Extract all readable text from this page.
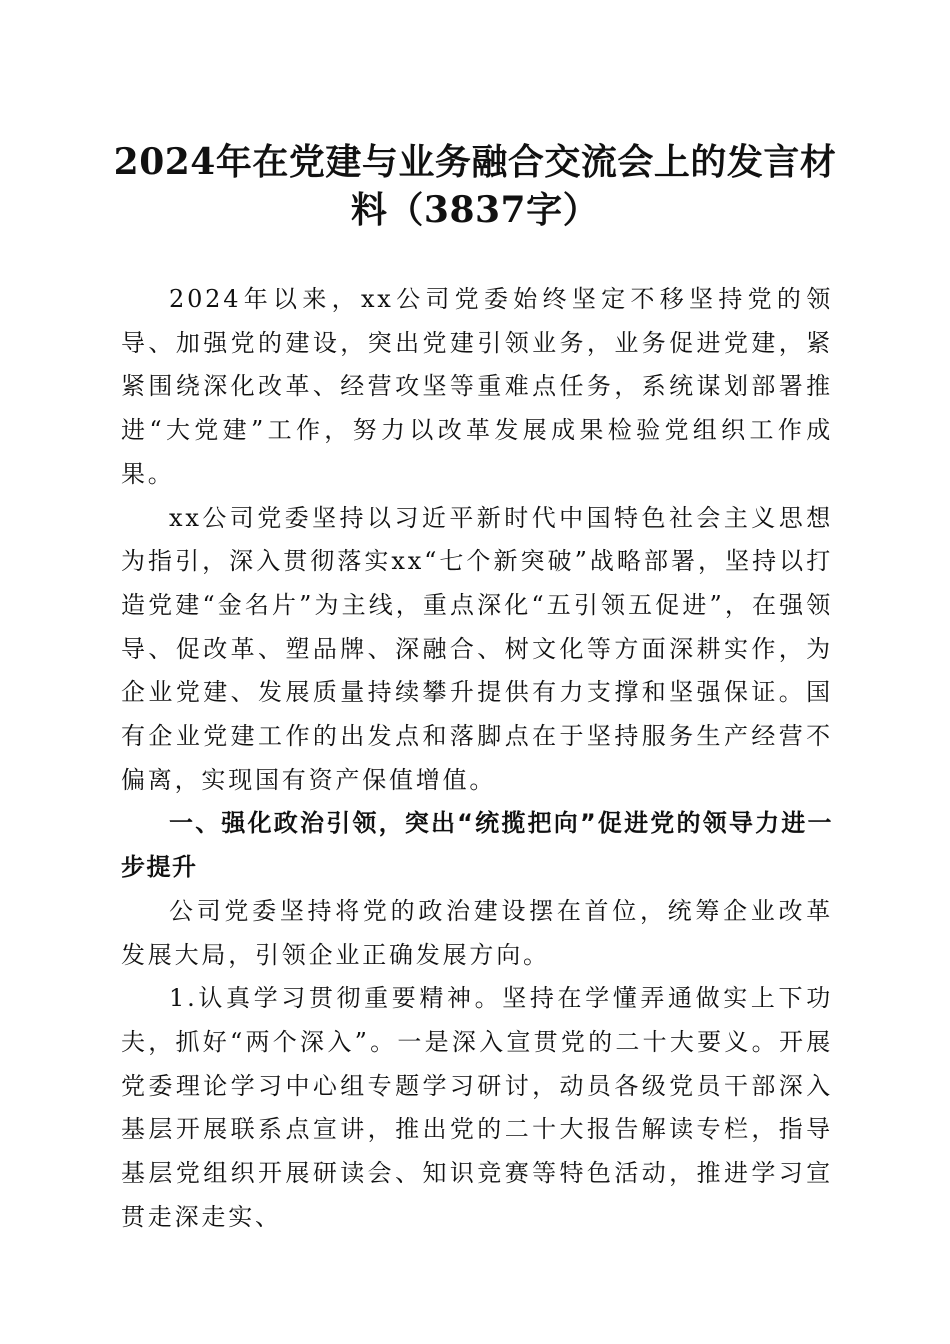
2024年在党建与业务融合交流会上的发言材料（3837字）

2024年以来，xx公司党委始终坚定不移坚持党的领导、加强党的建设，突出党建引领业务，业务促进党建，紧紧围绕深化改革、经营攻坚等重难点任务，系统谋划部署推进“大党建”工作，努力以改革发展成果检验党组织工作成果。

xx公司党委坚持以习近平新时代中国特色社会主义思想为指引，深入贯彻落实xx“七个新突破”战略部署，坚持以打造党建“金名片”为主线，重点深化“五引领五促进”，在强领导、促改革、塑品牌、深融合、树文化等方面深耕实作，为企业党建、发展质量持续攀升提供有力支撑和坚强保证。国有企业党建工作的出发点和落脚点在于坚持服务生产经营不偏离，实现国有资产保值增值。

一、强化政治引领，突出“统揽把向”促进党的领导力进一步提升

公司党委坚持将党的政治建设摆在首位，统筹企业改革发展大局，引领企业正确发展方向。

1.认真学习贯彻重要精神。坚持在学懂弄通做实上下功夫，抓好“两个深入”。一是深入宣贯党的二十大要义。开展党委理论学习中心组专题学习研讨，动员各级党员干部深入基层开展联系点宣讲，推出党的二十大报告解读专栏，指导基层党组织开展研读会、知识竞赛等特色活动，推进学习宣贯走深走实、
